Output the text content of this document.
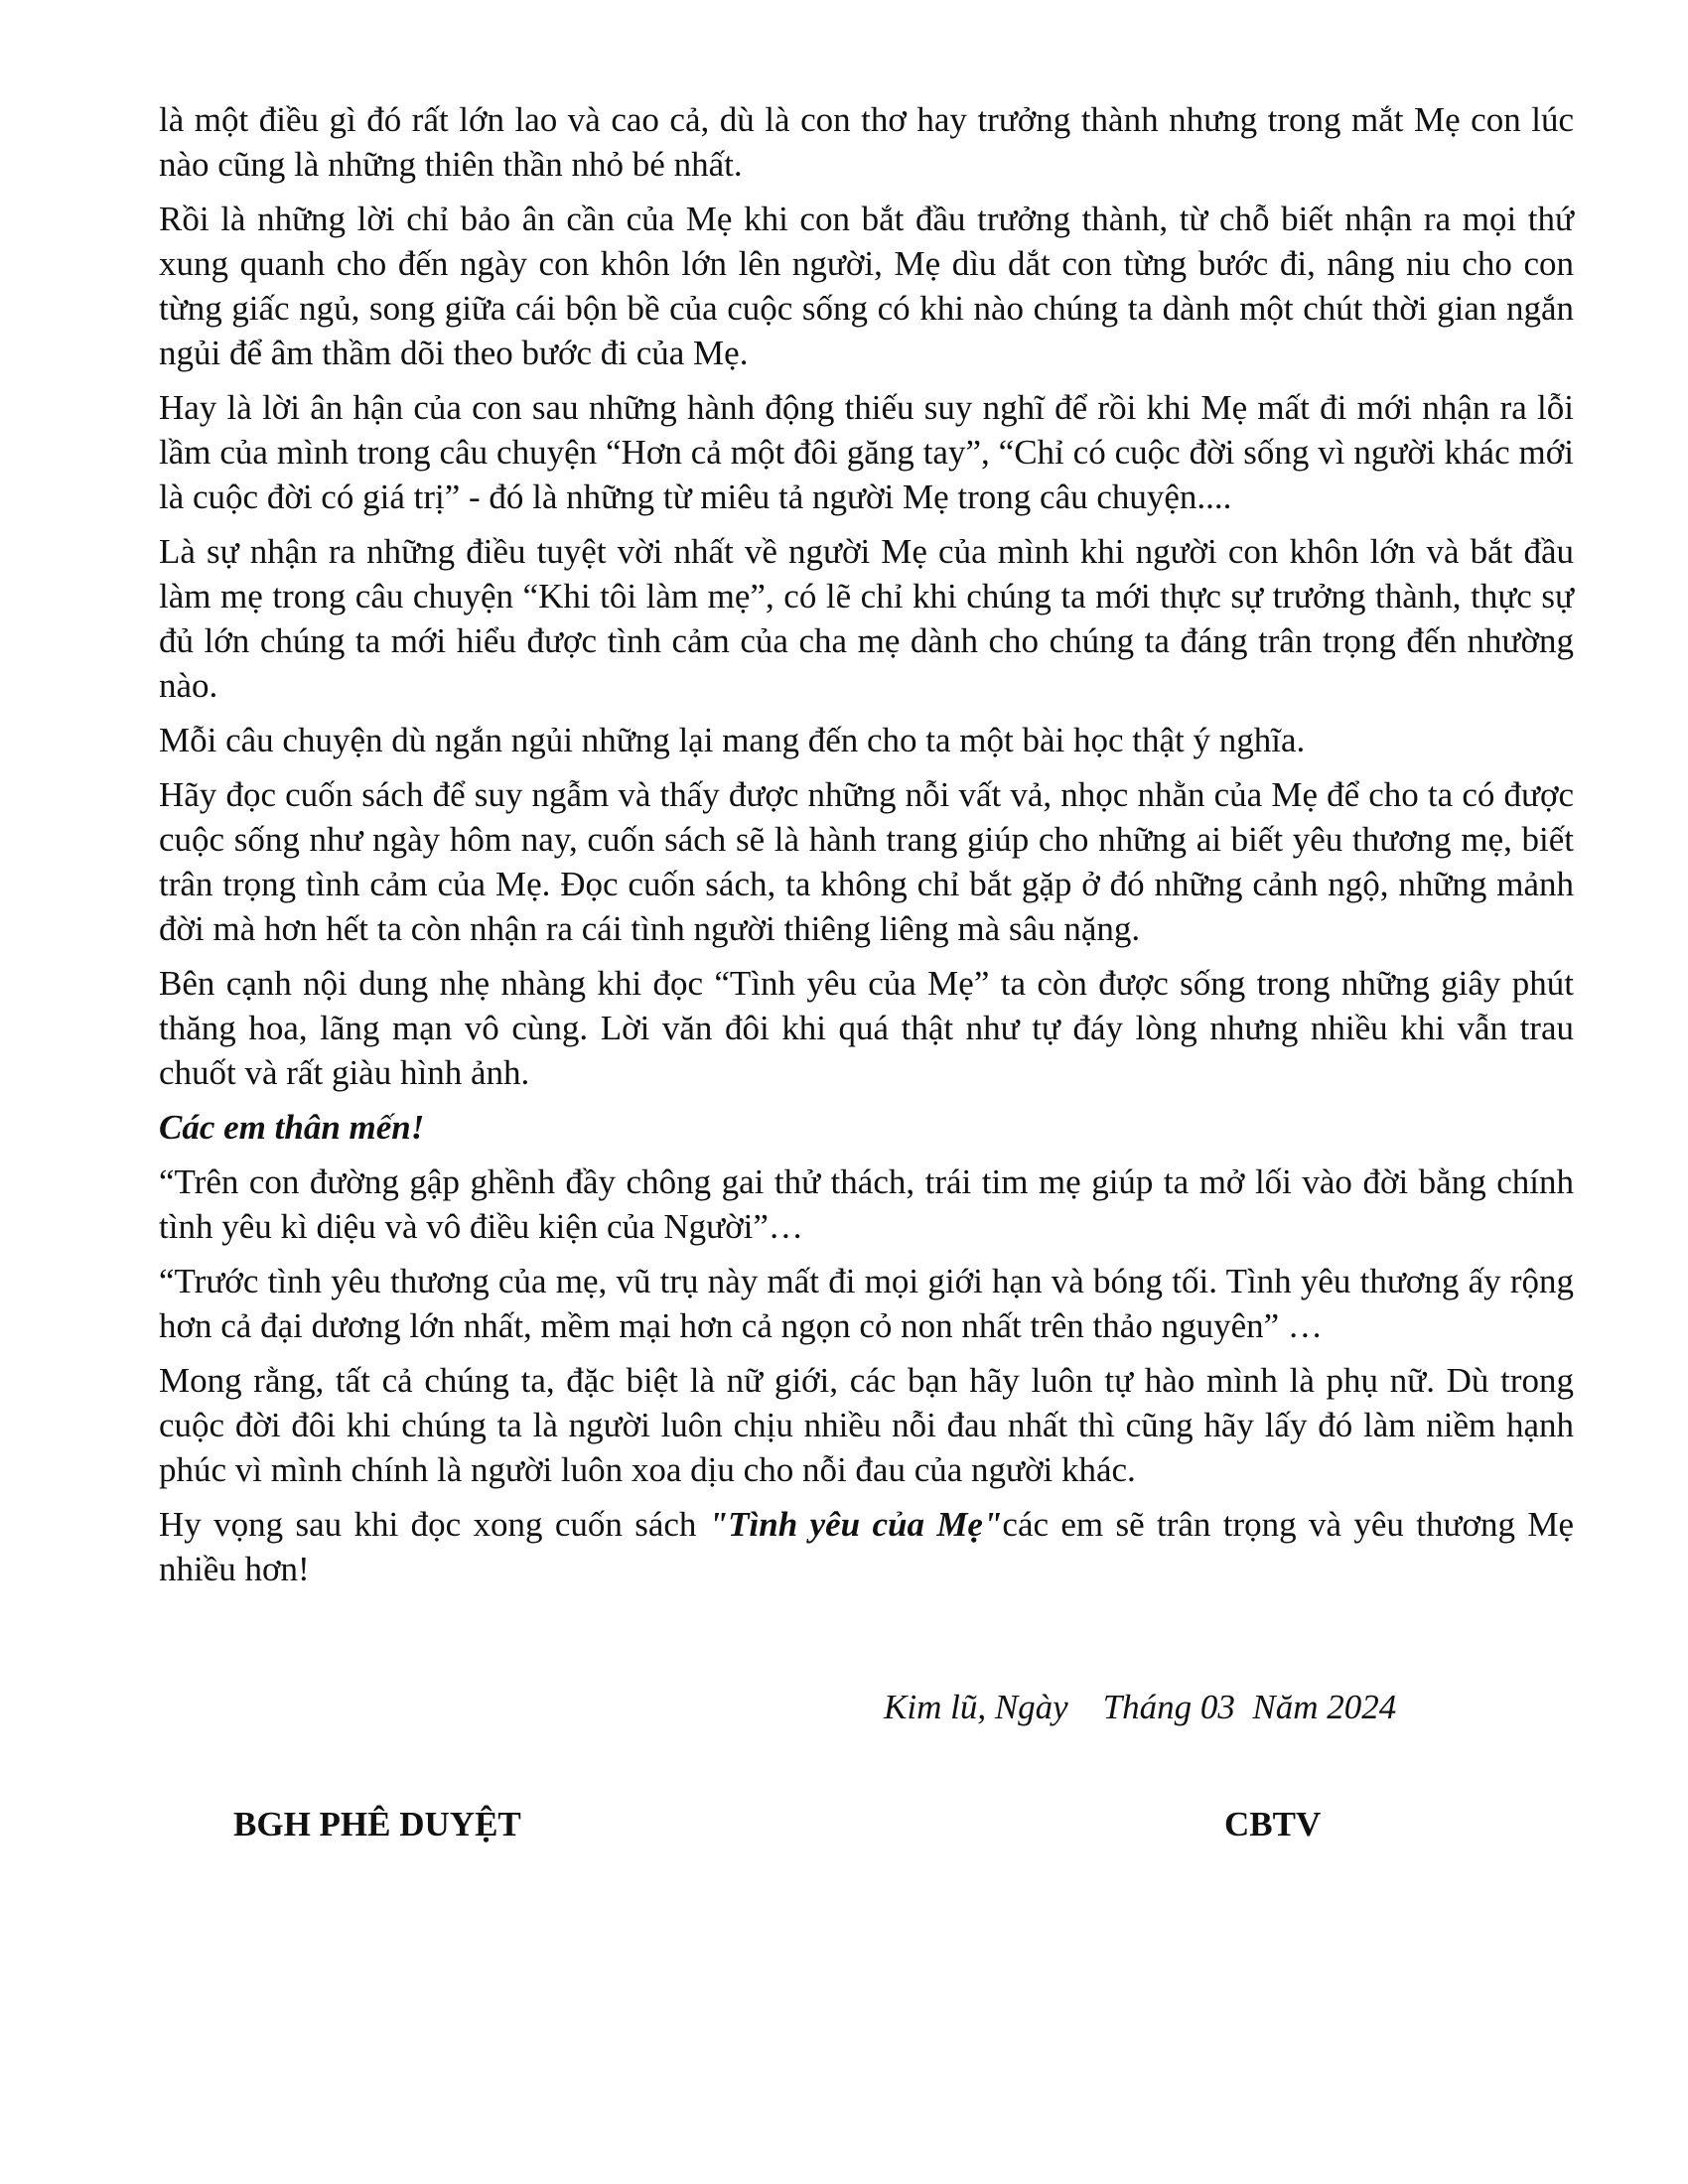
là một điều gì đó rất lớn lao và cao cả, dù là con thơ hay trưởng thành nhưng trong mắt Mẹ con lúc nào cũng là những thiên thần nhỏ bé nhất.

Rồi là những lời chỉ bảo ân cần của Mẹ khi con bắt đầu trưởng thành, từ chỗ biết nhận ra mọi thứ xung quanh cho đến ngày con khôn lớn lên người, Mẹ dìu dắt con từng bước đi, nâng niu cho con từng giấc ngủ, song giữa cái bộn bề của cuộc sống có khi nào chúng ta dành một chút thời gian ngắn ngủi để âm thầm dõi theo bước đi của Mẹ.

Hay là lời ân hận của con sau những hành động thiếu suy nghĩ để rồi khi Mẹ mất đi mới nhận ra lỗi lầm của mình trong câu chuyện “Hơn cả một đôi găng tay”, “Chỉ có cuộc đời sống vì người khác mới là cuộc đời có giá trị” - đó là những từ miêu tả người Mẹ trong câu chuyện....

Là sự nhận ra những điều tuyệt vời nhất về người Mẹ của mình khi người con khôn lớn và bắt đầu làm mẹ trong câu chuyện “Khi tôi làm mẹ”, có lẽ chỉ khi chúng ta mới thực sự trưởng thành, thực sự đủ lớn chúng ta mới hiểu được tình cảm của cha mẹ dành cho chúng ta đáng trân trọng đến nhường nào.

Mỗi câu chuyện dù ngắn ngủi những lại mang đến cho ta một bài học thật ý nghĩa.

Hãy đọc cuốn sách để suy ngẫm và thấy được những nỗi vất vả, nhọc nhằn của Mẹ để cho ta có được cuộc sống như ngày hôm nay, cuốn sách sẽ là hành trang giúp cho những ai biết yêu thương mẹ, biết trân trọng tình cảm của Mẹ. Đọc cuốn sách, ta không chỉ bắt gặp ở đó những cảnh ngộ, những mảnh đời mà hơn hết ta còn nhận ra cái tình người thiêng liêng mà sâu nặng.

Bên cạnh nội dung nhẹ nhàng khi đọc “Tình yêu của Mẹ” ta còn được sống trong những giây phút thăng hoa, lãng mạn vô cùng. Lời văn đôi khi quá thật như tự đáy lòng nhưng nhiều khi vẫn trau chuốt và rất giàu hình ảnh.

Các em thân mến!

“Trên con đường gập ghềnh đầy chông gai thử thách, trái tim mẹ giúp ta mở lối vào đời bằng chính tình yêu kì diệu và vô điều kiện của Người”…

“Trước tình yêu thương của mẹ, vũ trụ này mất đi mọi giới hạn và bóng tối. Tình yêu thương ấy rộng hơn cả đại dương lớn nhất, mềm mại hơn cả ngọn cỏ non nhất trên thảo nguyên” …

Mong rằng, tất cả chúng ta, đặc biệt là nữ giới, các bạn hãy luôn tự hào mình là phụ nữ. Dù trong cuộc đời đôi khi chúng ta là người luôn chịu nhiều nỗi đau nhất thì cũng hãy lấy đó làm niềm hạnh phúc vì mình chính là người luôn xoa dịu cho nỗi đau của người khác.

Hy vọng sau khi đọc xong cuốn sách "Tình yêu của Mẹ"các em sẽ trân trọng và yêu thương Mẹ nhiều hơn!

Kim lũ, Ngày    Tháng 03  Năm 2024
BGH PHÊ DUYỆT	CBTV
